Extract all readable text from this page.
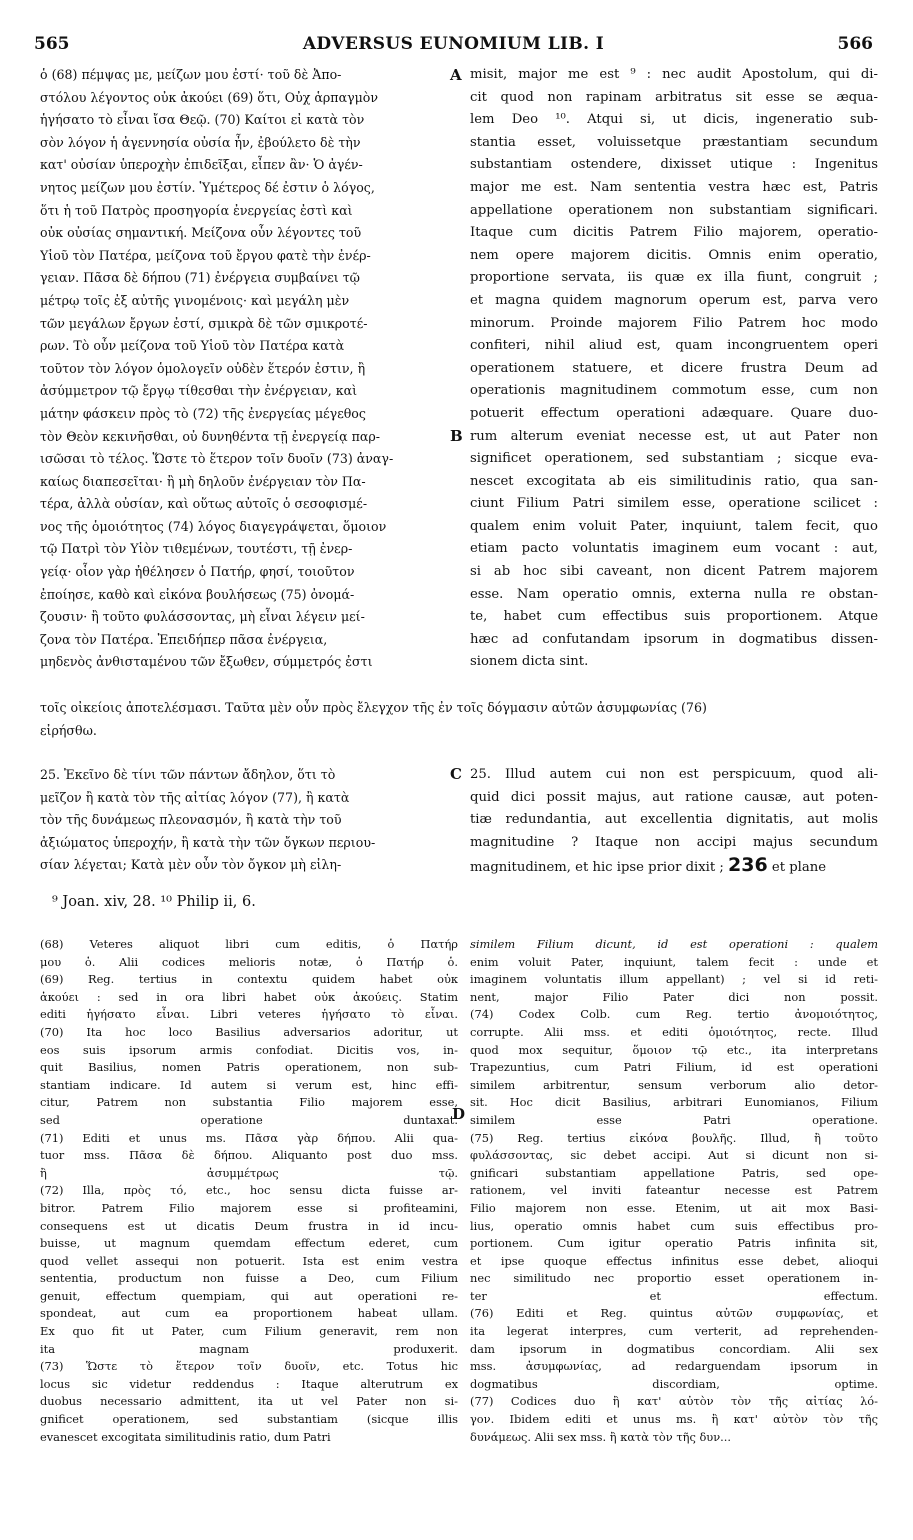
ADVERSUS EUNOMIUM LIB. I
565	566
A
B
C
D
ὁ (68) πέμψας με, μείζων μου ἐστί· τοῦ δὲ Ἀπο-
στόλου λέγοντος οὐκ ἀκούει (69) ὅτι, Οὐχ ἁρπαγμὸν
ἡγήσατο τὸ εἶναι ἴσα Θεῷ. (70) Καίτοι εἰ κατὰ τὸν
σὸν λόγον ἡ ἀγεννησία οὐσία ἦν, ἐβούλετο δὲ τὴν
κατ' οὐσίαν ὑπεροχὴν ἐπιδεῖξαι, εἶπεν ἂν· Ὁ ἀγέν-
νητος μείζων μου ἐστίν. Ὑμέτερος δέ ἐστιν ὁ λόγος,
ὅτι ἡ τοῦ Πατρὸς προσηγορία ἐνεργείας ἐστὶ καὶ
οὐκ οὐσίας σημαντική. Μείζονα οὖν λέγοντες τοῦ
Υἱοῦ τὸν Πατέρα, μείζονα τοῦ ἔργου φατὲ τὴν ἐνέρ-
γειαν. Πᾶσα δὲ δήπου (71) ἐνέργεια συμβαίνει τῷ
μέτρῳ τοῖς ἐξ αὐτῆς γινομένοις· καὶ μεγάλη μὲν
τῶν μεγάλων ἔργων ἐστί, σμικρὰ δὲ τῶν σμικροτέ-
ρων. Τὸ οὖν μείζονα τοῦ Υἱοῦ τὸν Πατέρα κατὰ
τοῦτον τὸν λόγον ὁμολογεῖν οὐδὲν ἕτερόν ἐστιν, ἢ
ἀσύμμετρον τῷ ἔργῳ τίθεσθαι τὴν ἐνέργειαν, καὶ
μάτην φάσκειν πρὸς τὸ (72) τῆς ἐνεργείας μέγεθος
τὸν Θεὸν κεκινῆσθαι, οὐ δυνηθέντα τῇ ἐνεργείᾳ παρ-
ισῶσαι τὸ τέλος. Ὥστε τὸ ἕτερον τοῖν δυοῖν (73) ἀναγ-
καίως διαπεσεῖται· ἢ μὴ δηλοῦν ἐνέργειαν τὸν Πα-
τέρα, ἀλλὰ οὐσίαν, καὶ οὕτως αὐτοῖς ὁ σεσοφισμέ-
νος τῆς ὁμοιότητος (74) λόγος διαγεγράψεται, ὅμοιον
τῷ Πατρὶ τὸν Υἱὸν τιθεμένων, τουτέστι, τῇ ἐνερ-
γείᾳ· οἷον γὰρ ἠθέλησεν ὁ Πατήρ, φησί, τοιοῦτον
ἐποίησε, καθὸ καὶ εἰκόνα βουλήσεως (75) ὀνομά-
ζουσιν· ἢ τοῦτο φυλάσσοντας, μὴ εἶναι λέγειν μεί-
ζονα τὸν Πατέρα. Ἐπειδήπερ πᾶσα ἐνέργεια,
μηδενὸς ἀνθισταμένου τῶν ἔξωθεν, σύμμετρός ἐστι
misit, major me est ⁹ : nec audit Apostolum, qui di-
cit quod non rapinam arbitratus sit esse se æqua-
lem Deo ¹⁰. Atqui si, ut dicis, ingeneratio sub-
stantia esset, voluissetque præstantiam secundum
substantiam ostendere, dixisset utique : Ingenitus
major me est. Nam sententia vestra hæc est, Patris
appellatione operationem non substantiam significari.
Itaque cum dicitis Patrem Filio majorem, operatio-
nem opere majorem dicitis. Omnis enim operatio,
proportione servata, iis quæ ex illa fiunt, congruit ;
et magna quidem magnorum operum est, parva vero
minorum. Proinde majorem Filio Patrem hoc modo
confiteri, nihil aliud est, quam incongruentem operi
operationem statuere, et dicere frustra Deum ad
operationis magnitudinem commotum esse, cum non
potuerit effectum operationi adæquare. Quare duo-
rum alterum eveniat necesse est, ut aut Pater non
significet operationem, sed substantiam ; sicque eva-
nescet excogitata ab eis similitudinis ratio, qua san-
ciunt Filium Patri similem esse, operatione scilicet :
qualem enim voluit Pater, inquiunt, talem fecit, quo
etiam pacto voluntatis imaginem eum vocant : aut,
si ab hoc sibi caveant, non dicent Patrem majorem
esse. Nam operatio omnis, externa nulla re obstan-
te, habet cum effectibus suis proportionem. Atque
hæc ad confutandam ipsorum in dogmatibus dissen-
sionem dicta sint.
τοῖς οἰκείοις ἀποτελέσμασι. Ταῦτα μὲν οὖν πρὸς ἔλεγχον τῆς ἐν τοῖς δόγμασιν αὐτῶν ἀσυμφωνίας (76)
εἰρήσθω.
25. Ἐκεῖνο δὲ τίνι τῶν πάντων ἄδηλον, ὅτι τὸ
μεῖζον ἢ κατὰ τὸν τῆς αἰτίας λόγον (77), ἢ κατὰ
τὸν τῆς δυνάμεως πλεονασμόν, ἢ κατὰ τὴν τοῦ
ἀξιώματος ὑπεροχήν, ἢ κατὰ τὴν τῶν ὄγκων περιου-
σίαν λέγεται; Κατὰ μὲν οὖν τὸν ὄγκον μὴ εἰλη-
25. Illud autem cui non est perspicuum, quod ali-
quid dici possit majus, aut ratione causæ, aut poten-
tiæ redundantia, aut excellentia dignitatis, aut molis
magnitudine ? Itaque non accipi majus secundum
magnitudinem, et hic ipse prior dixit ; 236 et plane
⁹ Joan. xiv, 28. ¹⁰ Philip ii, 6.
(68) Veteres aliquot libri cum editis, ὁ Πατήρ
μου ὁ. Alii codices melioris notæ, ὁ Πατήρ ὁ.
(69) Reg. tertius in contextu quidem habet οὐκ
ἀκούει : sed in ora libri habet οὐκ ἀκούεις. Statim
editi ἡγήσατο εἶναι. Libri veteres ἡγήσατο τὸ εἶναι.
(70) Ita hoc loco Basilius adversarios adoritur, ut
eos suis ipsorum armis confodiat. Dicitis vos, in-
quit Basilius, nomen Patris operationem, non sub-
stantiam indicare. Id autem si verum est, hinc effi-
citur, Patrem non substantia Filio majorem esse,
sed operatione duntaxat.
(71) Editi et unus ms. Πᾶσα γὰρ δήπου. Alii qua-
tuor mss. Πᾶσα δὲ δήπου. Aliquanto post duo mss.
ἢ ἀσυμμέτρως τῷ.
(72) Illa, πρὸς τό, etc., hoc sensu dicta fuisse ar-
bitror. Patrem Filio majorem esse si profiteamini,
consequens est ut dicatis Deum frustra in id incu-
buisse, ut magnum quemdam effectum ederet, cum
quod vellet assequi non potuerit. Ista est enim vestra
sententia, productum non fuisse a Deo, cum Filium
genuit, effectum quempiam, qui aut operationi re-
spondeat, aut cum ea proportionem habeat ullam.
Ex quo fit ut Pater, cum Filium generavit, rem non
ita magnam produxerit.
(73) Ὥστε τὸ ἕτερον τοῖν δυοῖν, etc. Totus hic
locus sic videtur reddendus : Itaque alterutrum ex
duobus necessario admittent, ita ut vel Pater non si-
gnificet operationem, sed substantiam (sicque illis
evanescet excogitata similitudinis ratio, dum Patri
similem Filium dicunt, id est operationi : qualem
enim voluit Pater, inquiunt, talem fecit : unde et
imaginem voluntatis illum appellant) ; vel si id reti-
nent, major Filio Pater dici non possit.
(74) Codex Colb. cum Reg. tertio ἀνομοιότητος,
corrupte. Alii mss. et editi ὁμοιότητος, recte. Illud
quod mox sequitur, ὅμοιον τῷ etc., ita interpretans
Trapezuntius, cum Patri Filium, id est operationi
similem arbitrentur, sensum verborum alio detor-
sit. Hoc dicit Basilius, arbitrari Eunomianos, Filium
similem esse Patri operatione.
(75) Reg. tertius εἰκόνα βουλῆς. Illud, ἢ τοῦτο
φυλάσσοντας, sic debet accipi. Aut si dicunt non si-
gnificari substantiam appellatione Patris, sed ope-
rationem, vel inviti fateantur necesse est Patrem
Filio majorem non esse. Etenim, ut ait mox Basi-
lius, operatio omnis habet cum suis effectibus pro-
portionem. Cum igitur operatio Patris infinita sit,
et ipse quoque effectus infinitus esse debet, alioqui
nec similitudo nec proportio esset operationem in-
ter et effectum.
(76) Editi et Reg. quintus αὐτῶν συμφωνίας, et
ita legerat interpres, cum verterit, ad reprehenden-
dam ipsorum in dogmatibus concordiam. Alii sex
mss. ἀσυμφωνίας, ad redarguendam ipsorum in
dogmatibus discordiam, optime.
(77) Codices duo ἢ κατ' αὐτὸν τὸν τῆς αἰτίας λό-
γον. Ibidem editi et unus ms. ἢ κατ' αὐτὸν τὸν τῆς
δυνάμεως. Alii sex mss. ἢ κατὰ τὸν τῆς δυν...
